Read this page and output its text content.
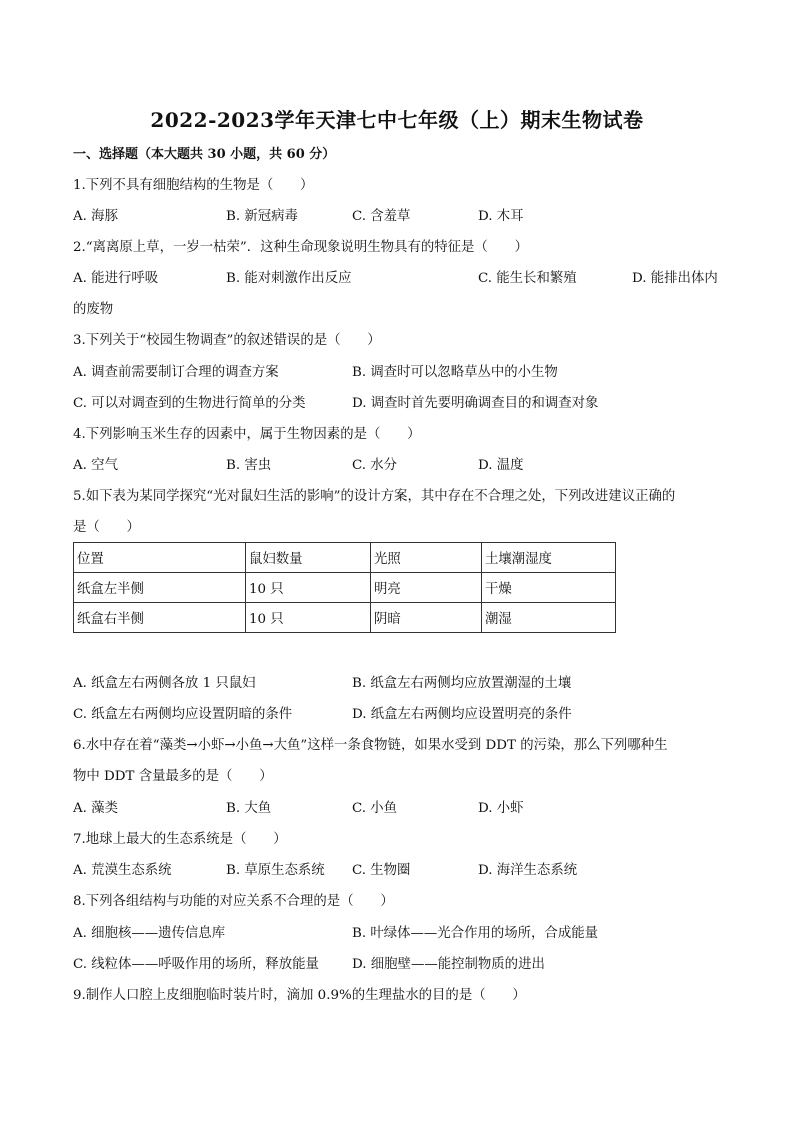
2022-2023学年天津七中七年级（上）期末生物试卷
一、选择题（本大题共 30 小题，共 60 分）
1.下列不具有细胞结构的生物是（　　）
A. 海豚	B. 新冠病毒	C. 含羞草	D. 木耳
2.“离离原上草，一岁一枯荣”．这种生命现象说明生物具有的特征是（　　）
A. 能进行呼吸	B. 能对刺激作出反应	C. 能生长和繁殖	D. 能排出体内
的废物
3.下列关于“校园生物调查”的叙述错误的是（　　）
A. 调查前需要制订合理的调查方案	B. 调查时可以忽略草丛中的小生物
C. 可以对调查到的生物进行简单的分类	D. 调查时首先要明确调查目的和调查对象
4.下列影响玉米生存的因素中，属于生物因素的是（　　）
A. 空气	B. 害虫	C. 水分	D. 温度
5.如下表为某同学探究“光对鼠妇生活的影响”的设计方案，其中存在不合理之处，下列改进建议正确的
是（　　）
位置	鼠妇数量	光照	土壤潮湿度
纸盒左半侧	10 只	明亮	干燥
纸盒右半侧	10 只	阴暗	潮湿
A. 纸盒左右两侧各放 1 只鼠妇	B. 纸盒左右两侧均应放置潮湿的土壤
C. 纸盒左右两侧均应设置阴暗的条件	D. 纸盒左右两侧均应设置明亮的条件
6.水中存在着“藻类→小虾→小鱼→大鱼”这样一条食物链，如果水受到 DDT 的污染，那么下列哪种生
物中 DDT 含量最多的是（　　）
A. 藻类	B. 大鱼	C. 小鱼	D. 小虾
7.地球上最大的生态系统是（　　）
A. 荒漠生态系统	B. 草原生态系统 C. 生物圈	D. 海洋生态系统
8.下列各组结构与功能的对应关系不合理的是（　　）
A. 细胞核——遗传信息库	B. 叶绿体——光合作用的场所，合成能量
C. 线粒体——呼吸作用的场所，释放能量 D. 细胞壁——能控制物质的进出
9.制作人口腔上皮细胞临时装片时，滴加 0.9%的生理盐水的目的是（　　）
